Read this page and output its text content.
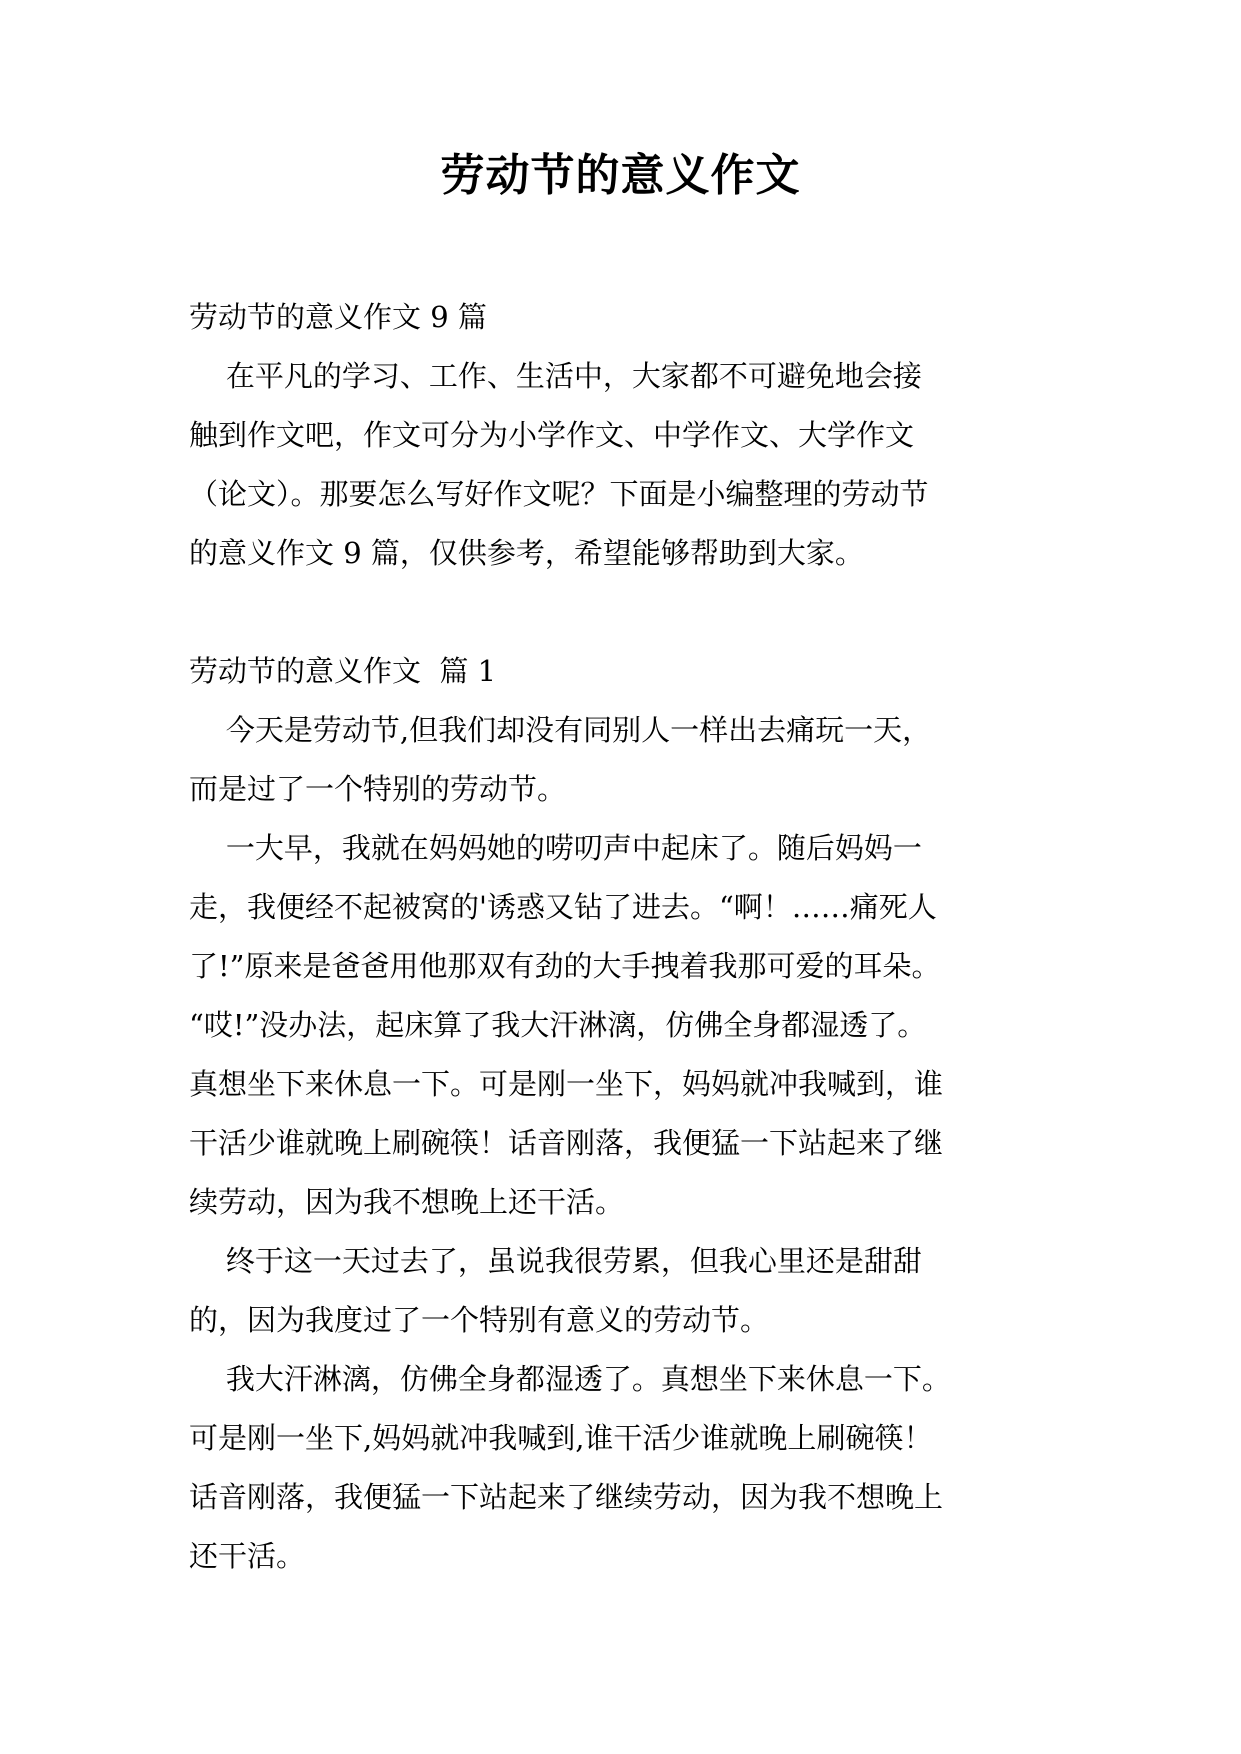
劳动节的意义作文
劳动节的意义作文 9 篇
在平凡的学习、工作、生活中，大家都不可避免地会接
触到作文吧，作文可分为小学作文、中学作文、大学作文
（论文）。那要怎么写好作文呢？下面是小编整理的劳动节
的意义作文 9 篇，仅供参考，希望能够帮助到大家。
劳动节的意义作文  篇 1
今天是劳动节,但我们却没有同别人一样出去痛玩一天，
而是过了一个特别的劳动节。
一大早，我就在妈妈她的唠叨声中起床了。随后妈妈一
走，我便经不起被窝的'诱惑又钻了进去。“啊！……痛死人
了!”原来是爸爸用他那双有劲的大手拽着我那可爱的耳朵。
“哎!”没办法，起床算了我大汗淋漓，仿佛全身都湿透了。
真想坐下来休息一下。可是刚一坐下，妈妈就冲我喊到，谁
干活少谁就晚上刷碗筷！话音刚落，我便猛一下站起来了继
续劳动，因为我不想晚上还干活。
终于这一天过去了，虽说我很劳累，但我心里还是甜甜
的，因为我度过了一个特别有意义的劳动节。
我大汗淋漓，仿佛全身都湿透了。真想坐下来休息一下。
可是刚一坐下,妈妈就冲我喊到,谁干活少谁就晚上刷碗筷！
话音刚落，我便猛一下站起来了继续劳动，因为我不想晚上
还干活。
